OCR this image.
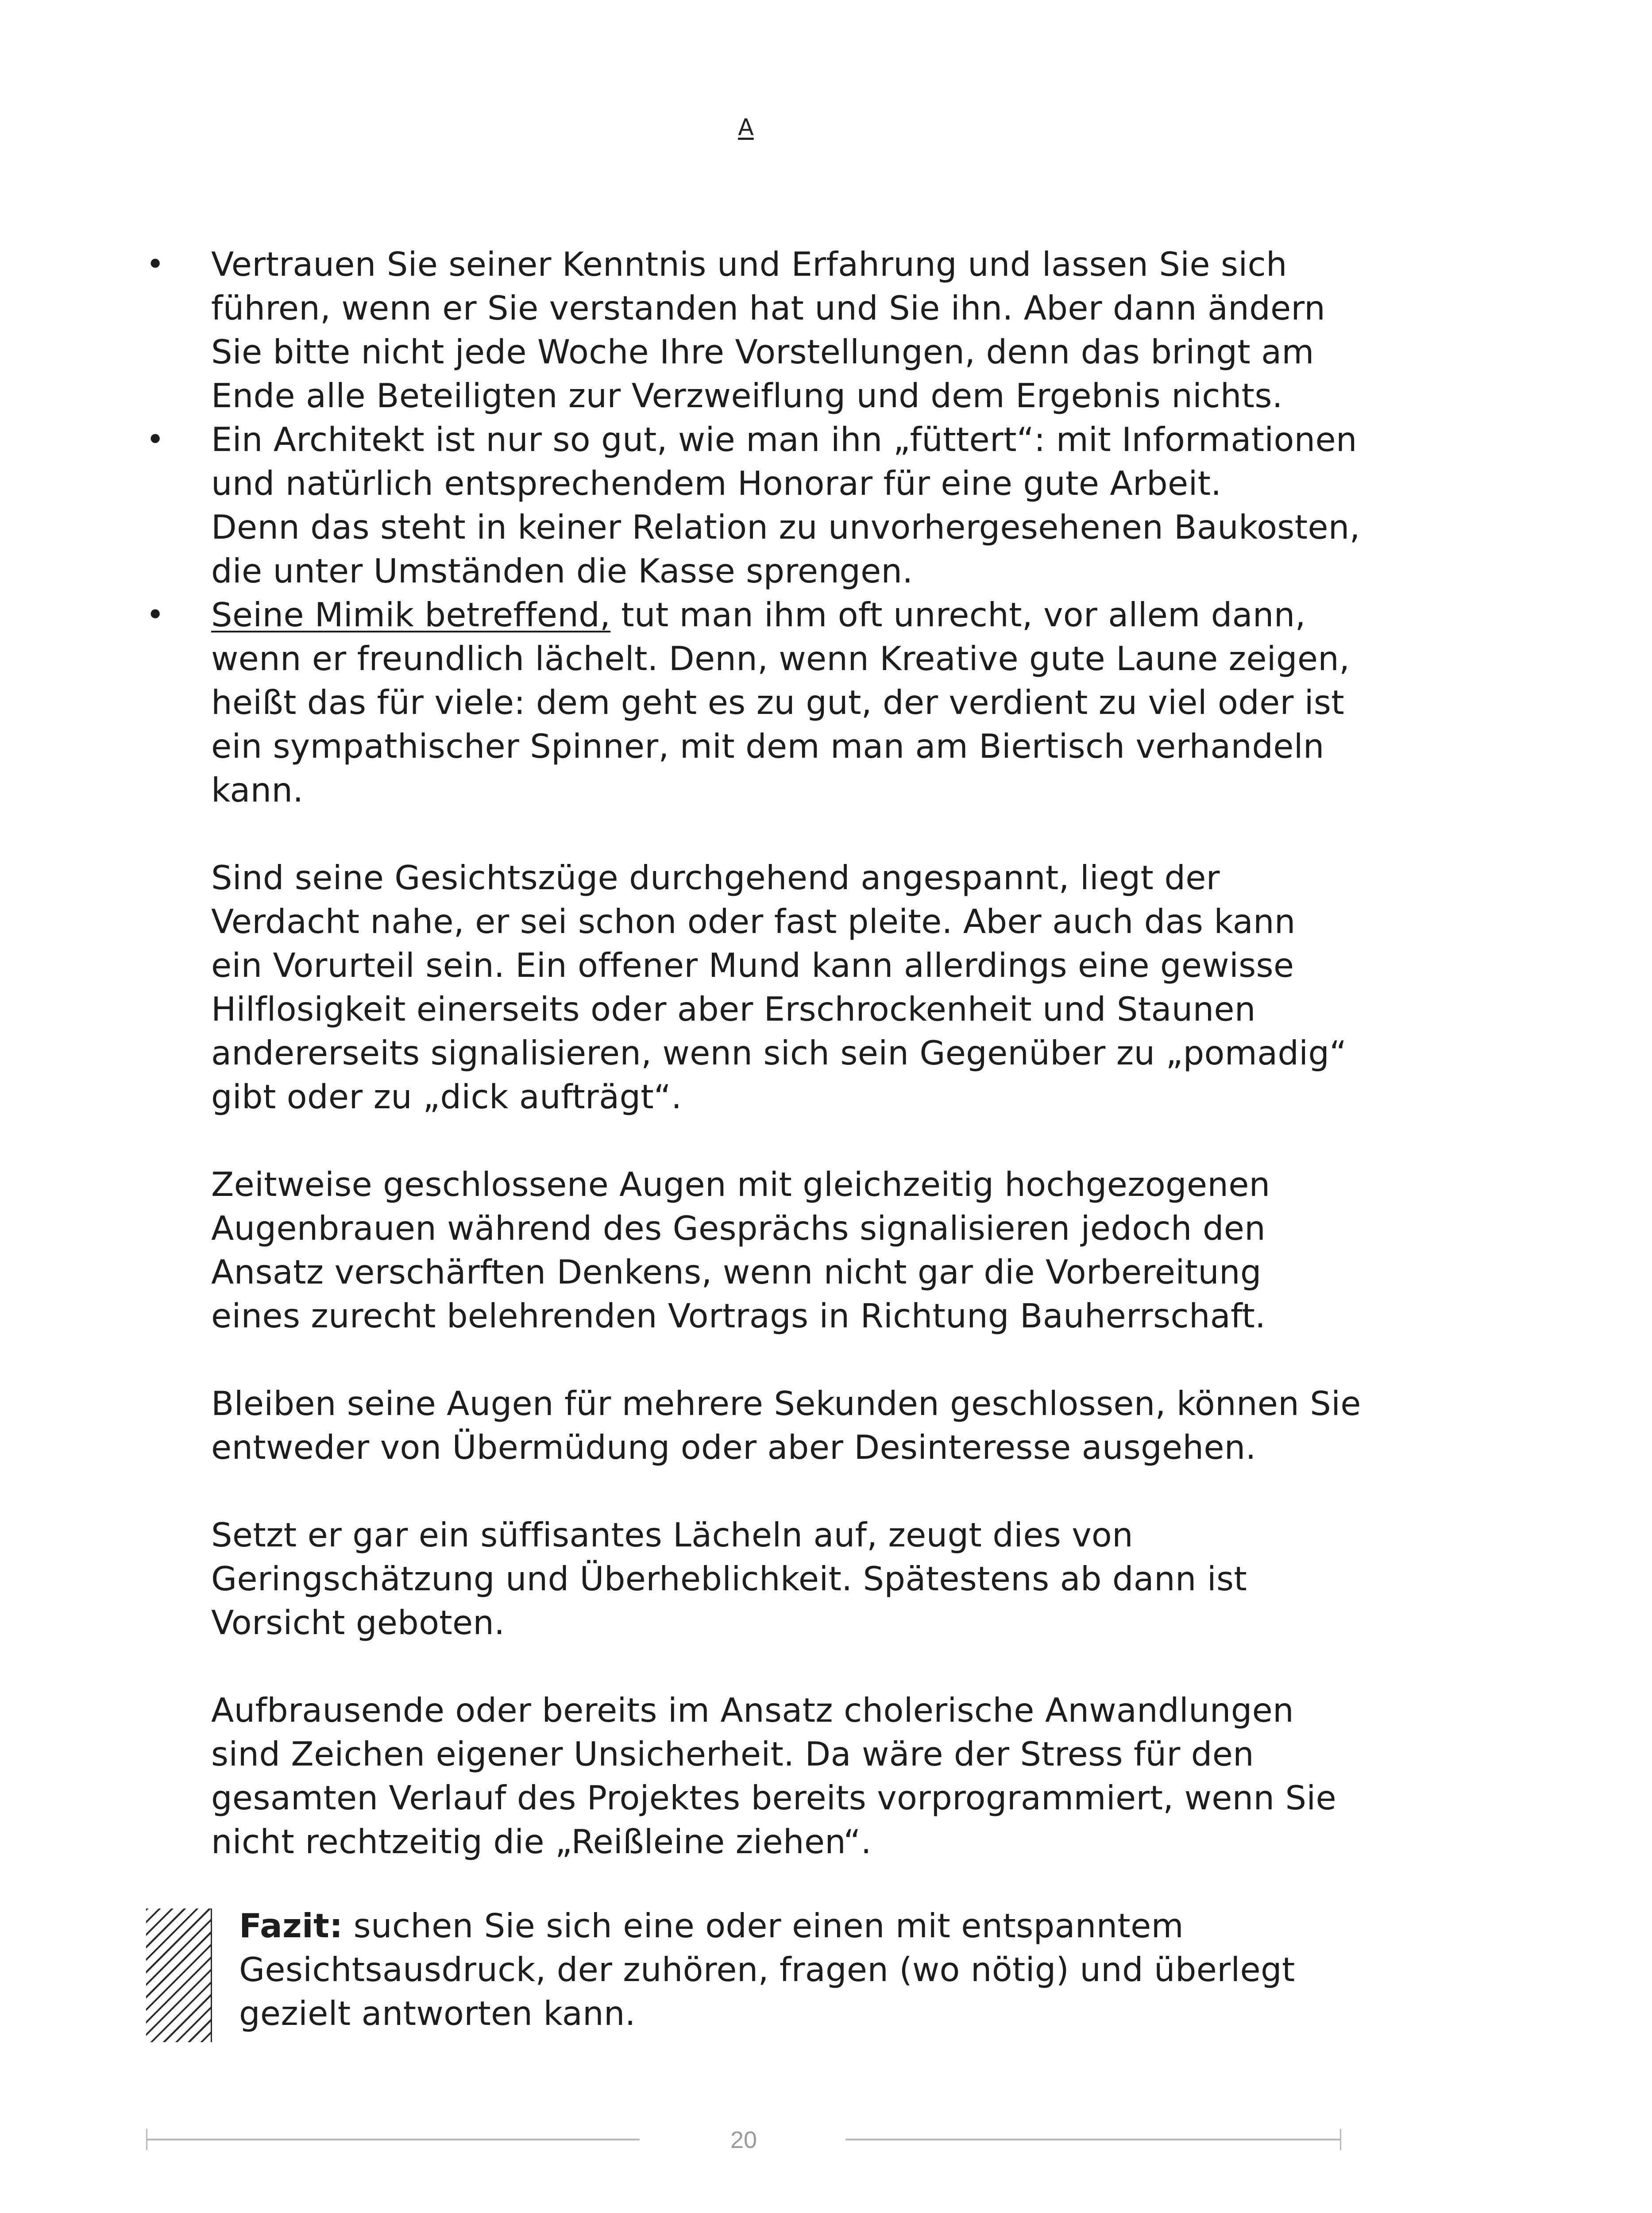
A
• Vertrauen Sie seiner Kenntnis und Erfahrung und lassen Sie sich
führen, wenn er Sie verstanden hat und Sie ihn. Aber dann ändern
Sie bitte nicht jede Woche Ihre Vorstellungen, denn das bringt am
Ende alle Beteiligten zur Verzweiflung und dem Ergebnis nichts.
• Ein Architekt ist nur so gut, wie man ihn „füttert“: mit Informationen
und natürlich entsprechendem Honorar für eine gute Arbeit.
Denn das steht in keiner Relation zu unvorhergesehenen Baukosten,
die unter Umständen die Kasse sprengen.
• Seine Mimik betreffend, tut man ihm oft unrecht, vor allem dann,
wenn er freundlich lächelt. Denn, wenn Kreative gute Laune zeigen,
heißt das für viele: dem geht es zu gut, der verdient zu viel oder ist
ein sympathischer Spinner, mit dem man am Biertisch verhandeln
kann.
Sind seine Gesichtszüge durchgehend angespannt, liegt der
Verdacht nahe, er sei schon oder fast pleite. Aber auch das kann
ein Vorurteil sein. Ein offener Mund kann allerdings eine gewisse
Hilflosigkeit einerseits oder aber Erschrockenheit und Staunen
andererseits signalisieren, wenn sich sein Gegenüber zu „pomadig“
gibt oder zu „dick aufträgt“.
Zeitweise geschlossene Augen mit gleichzeitig hochgezogenen
Augenbrauen während des Gesprächs signalisieren jedoch den
Ansatz verschärften Denkens, wenn nicht gar die Vorbereitung
eines zurecht belehrenden Vortrags in Richtung Bauherrschaft.
Bleiben seine Augen für mehrere Sekunden geschlossen, können Sie
entweder von Übermüdung oder aber Desinteresse ausgehen.
Setzt er gar ein süffisantes Lächeln auf, zeugt dies von
Geringschätzung und Überheblichkeit. Spätestens ab dann ist
Vorsicht geboten.
Aufbrausende oder bereits im Ansatz cholerische Anwandlungen
sind Zeichen eigener Unsicherheit. Da wäre der Stress für den
gesamten Verlauf des Projektes bereits vorprogrammiert, wenn Sie
nicht rechtzeitig die „Reißleine ziehen“.
Fazit: suchen Sie sich eine oder einen mit entspanntem
Gesichtsausdruck, der zuhören, fragen (wo nötig) und überlegt
gezielt antworten kann.
20
